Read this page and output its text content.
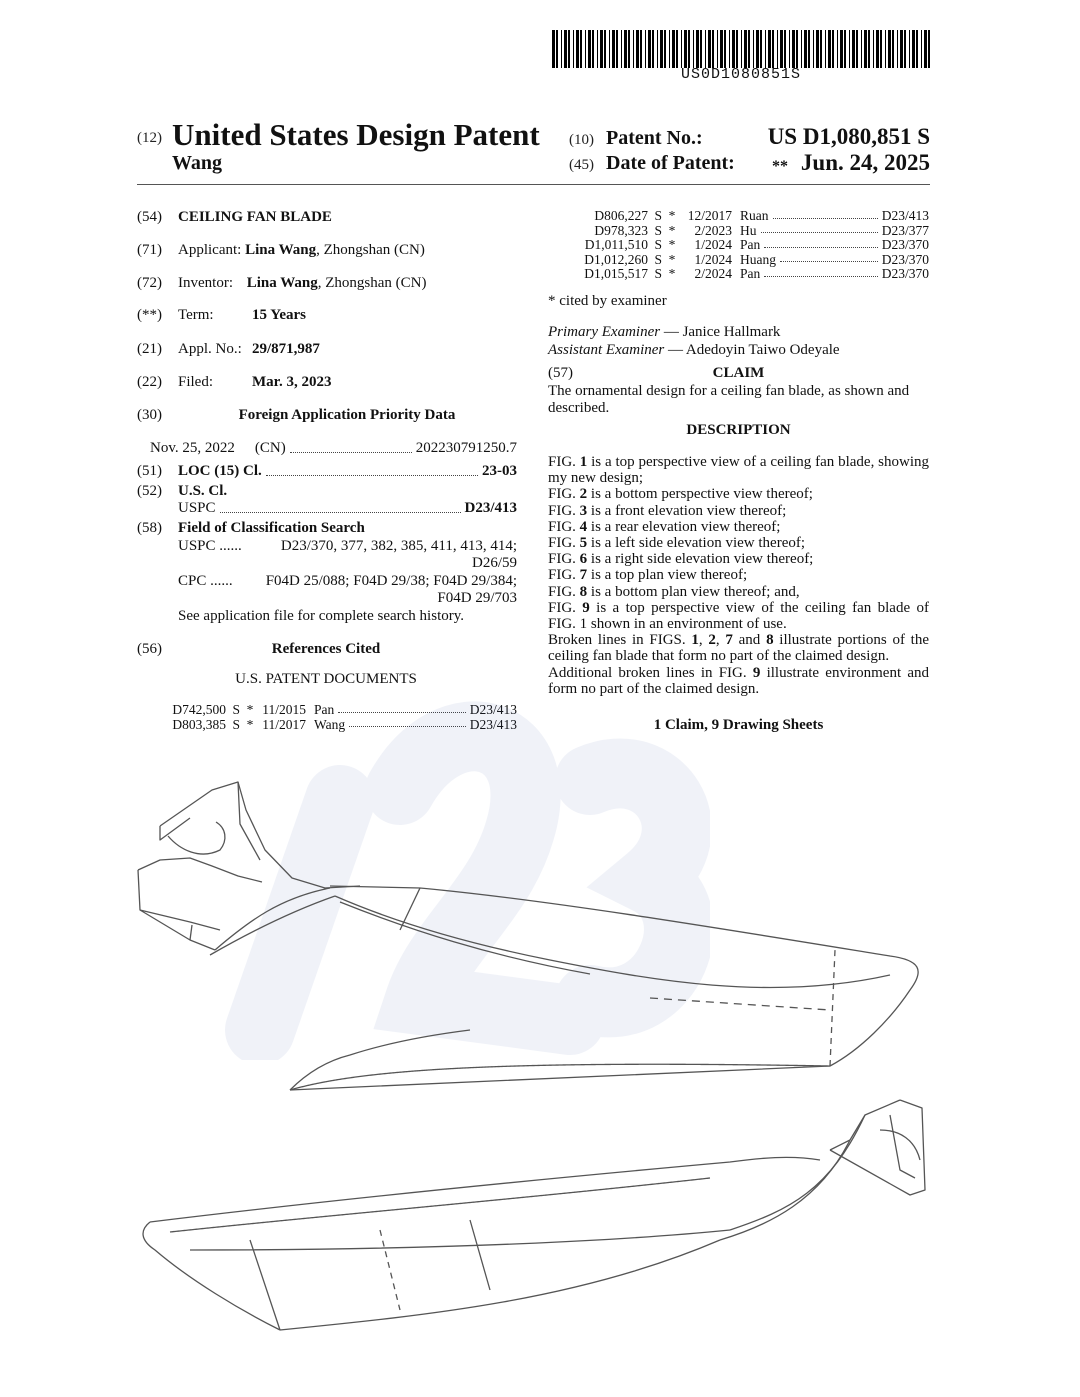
US0D1080851S
(12) United States Design Patent
Wang
(10) Patent No.:	US D1,080,851 S
(45) Date of Patent: ** Jun. 24, 2025
(54) CEILING FAN BLADE
(71) Applicant: Lina Wang, Zhongshan (CN)
(72) Inventor: Lina Wang, Zhongshan (CN)
(**) Term:	15 Years
(21) Appl. No.: 29/871,987
(22) Filed:	Mar. 3, 2023
(30)	Foreign Application Priority Data
Nov. 25, 2022 (CN)	202230791250.7
(51) LOC (15) Cl.	23-03
(52) U.S. Cl.
USPC	D23/413
(58) Field of Classification Search
USPC ......	D23/370, 377, 382, 385, 411, 413, 414;
D26/59
CPC ...... F04D 25/088; F04D 29/38; F04D 29/384;
F04D 29/703
See application file for complete search history.
(56)	References Cited
U.S. PATENT DOCUMENTS
D742,500 S * 11/2015 Pan	D23/413
D803,385 S * 11/2017 Wang	D23/413
D806,227 S * 12/2017 Ruan	D23/413
D978,323 S *	2/2023 Hu	D23/377
D1,011,510 S *	1/2024 Pan	D23/370
D1,012,260 S *	1/2024 Huang	D23/370
D1,015,517 S *	2/2024 Pan	D23/370
* cited by examiner
Primary Examiner — Janice Hallmark
Assistant Examiner — Adedoyin Taiwo Odeyale
(57)	CLAIM
The ornamental design for a ceiling fan blade, as shown and described.
DESCRIPTION
FIG. 1 is a top perspective view of a ceiling fan blade, showing my new design;
FIG. 2 is a bottom perspective view thereof;
FIG. 3 is a front elevation view thereof;
FIG. 4 is a rear elevation view thereof;
FIG. 5 is a left side elevation view thereof;
FIG. 6 is a right side elevation view thereof;
FIG. 7 is a top plan view thereof;
FIG. 8 is a bottom plan view thereof; and,
FIG. 9 is a top perspective view of the ceiling fan blade of FIG. 1 shown in an environment of use.
Broken lines in FIGS. 1, 2, 7 and 8 illustrate portions of the ceiling fan blade that form no part of the claimed design.
Additional broken lines in FIG. 9 illustrate environment and form no part of the claimed design.
1 Claim, 9 Drawing Sheets
